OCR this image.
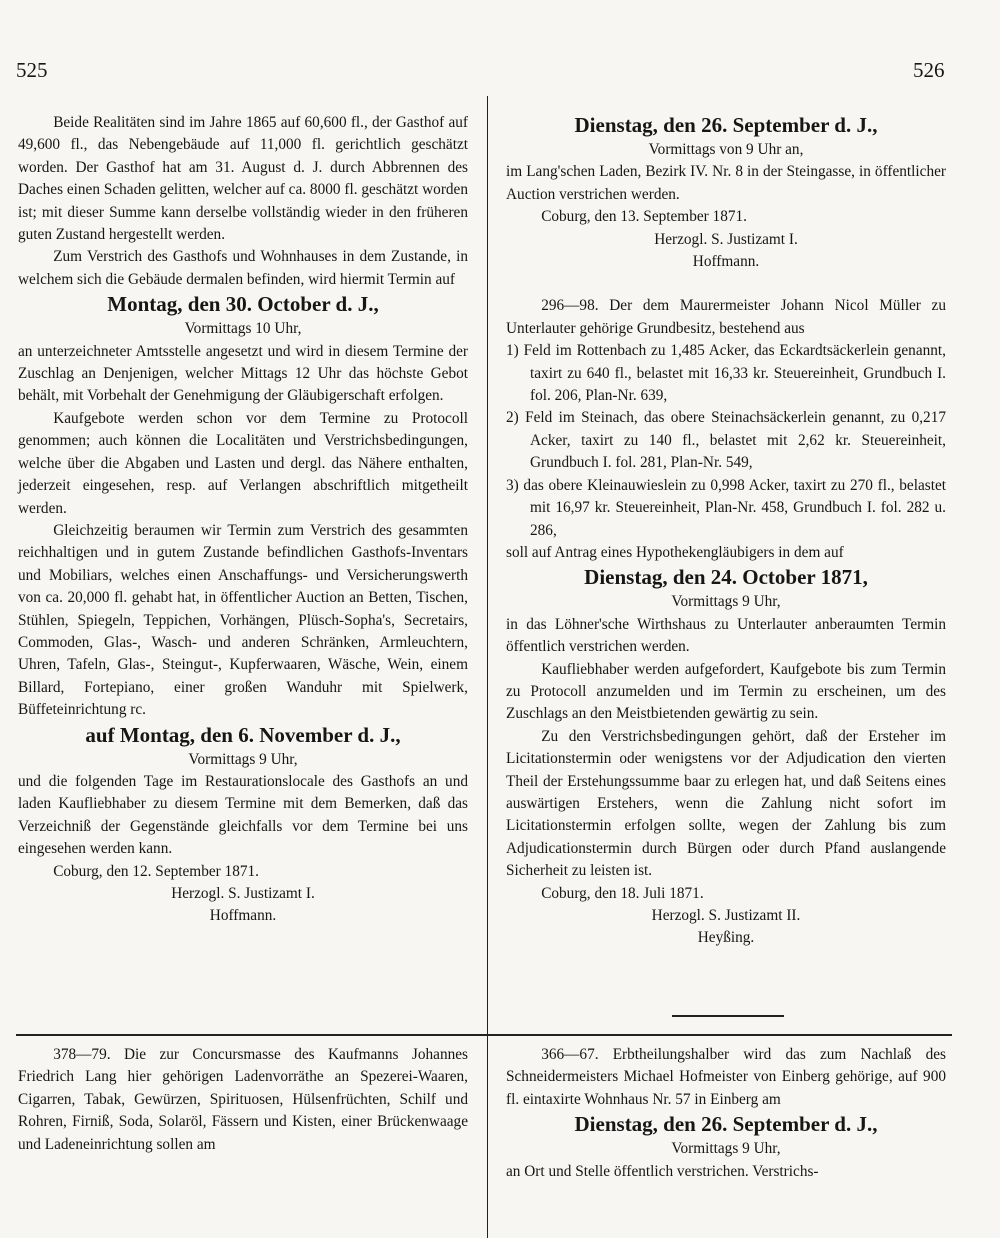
525	526

Beide Realitäten sind im Jahre 1865 auf 60,600 fl., der Gasthof auf 49,600 fl., das Nebengebäude auf 11,000 fl. gerichtlich geschätzt worden. Der Gasthof hat am 31. August d. J. durch Abbrennen des Daches einen Schaden gelitten, welcher auf ca. 8000 fl. geschätzt worden ist; mit dieser Summe kann derselbe vollständig wieder in den früheren guten Zustand hergestellt werden.

Zum Verstrich des Gasthofs und Wohnhauses in dem Zustande, in welchem sich die Gebäude dermalen befinden, wird hiermit Termin auf

Montag, den 30. October d. J.,
Vormittags 10 Uhr,

an unterzeichneter Amtsstelle angesetzt und wird in diesem Termine der Zuschlag an Denjenigen, welcher Mittags 12 Uhr das höchste Gebot behält, mit Vorbehalt der Genehmigung der Gläubigerschaft erfolgen.

Kaufgebote werden schon vor dem Termine zu Protocoll genommen; auch können die Localitäten und Verstrichsbedingungen, welche über die Abgaben und Lasten und dergl. das Nähere enthalten, jederzeit eingesehen, resp. auf Verlangen abschriftlich mitgetheilt werden.

Gleichzeitig beraumen wir Termin zum Verstrich des gesammten reichhaltigen und in gutem Zustande befindlichen Gasthofs-Inventars und Mobiliars, welches einen Anschaffungs- und Versicherungswerth von ca. 20,000 fl. gehabt hat, in öffentlicher Auction an Betten, Tischen, Stühlen, Spiegeln, Teppichen, Vorhängen, Plüsch-Sopha's, Secretairs, Commoden, Glas-, Wasch- und anderen Schränken, Armleuchtern, Uhren, Tafeln, Glas-, Steingut-, Kupferwaaren, Wäsche, Wein, einem Billard, Fortepiano, einer großen Wanduhr mit Spielwerk, Büffeteinrichtung rc.

auf Montag, den 6. November d. J.,
Vormittags 9 Uhr,

und die folgenden Tage im Restaurationslocale des Gasthofs an und laden Kaufliebhaber zu diesem Termine mit dem Bemerken, daß das Verzeichniß der Gegenstände gleichfalls vor dem Termine bei uns eingesehen werden kann.

Coburg, den 12. September 1871.

Herzogl. S. Justizamt I.
Hoffmann.
Dienstag, den 26. September d. J.,
Vormittags von 9 Uhr an,

im Lang'schen Laden, Bezirk IV. Nr. 8 in der Steingasse, in öffentlicher Auction verstrichen werden.

Coburg, den 13. September 1871.

Herzogl. S. Justizamt I.
Hoffmann.

296—98. Der dem Maurermeister Johann Nicol Müller zu Unterlauter gehörige Grundbesitz, bestehend aus

1) Feld im Rottenbach zu 1,485 Acker, das Eckardtsäckerlein genannt, taxirt zu 640 fl., belastet mit 16,33 kr. Steuereinheit, Grundbuch I. fol. 206, Plan-Nr. 639,
2) Feld im Steinach, das obere Steinachsäckerlein genannt, zu 0,217 Acker, taxirt zu 140 fl., belastet mit 2,62 kr. Steuereinheit, Grundbuch I. fol. 281, Plan-Nr. 549,
3) das obere Kleinauwieslein zu 0,998 Acker, taxirt zu 270 fl., belastet mit 16,97 kr. Steuereinheit, Plan-Nr. 458, Grundbuch I. fol. 282 u. 286,

soll auf Antrag eines Hypothekengläubigers in dem auf

Dienstag, den 24. October 1871,
Vormittags 9 Uhr,

in das Löhner'sche Wirthshaus zu Unterlauter anberaumten Termin öffentlich verstrichen werden.

Kaufliebhaber werden aufgefordert, Kaufgebote bis zum Termin zu Protocoll anzumelden und im Termin zu erscheinen, um des Zuschlags an den Meistbietenden gewärtig zu sein.

Zu den Verstrichsbedingungen gehört, daß der Ersteher im Licitationstermin oder wenigstens vor der Adjudication den vierten Theil der Erstehungssumme baar zu erlegen hat, und daß Seitens eines auswärtigen Erstehers, wenn die Zahlung nicht sofort im Licitationstermin erfolgen sollte, wegen der Zahlung bis zum Adjudicationstermin durch Bürgen oder durch Pfand auslangende Sicherheit zu leisten ist.

Coburg, den 18. Juli 1871.

Herzogl. S. Justizamt II.
Heyßing.

378—79. Die zur Concursmasse des Kaufmanns Johannes Friedrich Lang hier gehörigen Ladenvorräthe an Spezerei-Waaren, Cigarren, Tabak, Gewürzen, Spirituosen, Hülsenfrüchten, Schilf und Rohren, Firniß, Soda, Solaröl, Fässern und Kisten, einer Brückenwaage und Ladeneinrichtung sollen am

366—67. Erbtheilungshalber wird das zum Nachlaß des Schneidermeisters Michael Hofmeister von Einberg gehörige, auf 900 fl. eintaxirte Wohnhaus Nr. 57 in Einberg am

Dienstag, den 26. September d. J.,
Vormittags 9 Uhr,

an Ort und Stelle öffentlich verstrichen. Verstrichs-
